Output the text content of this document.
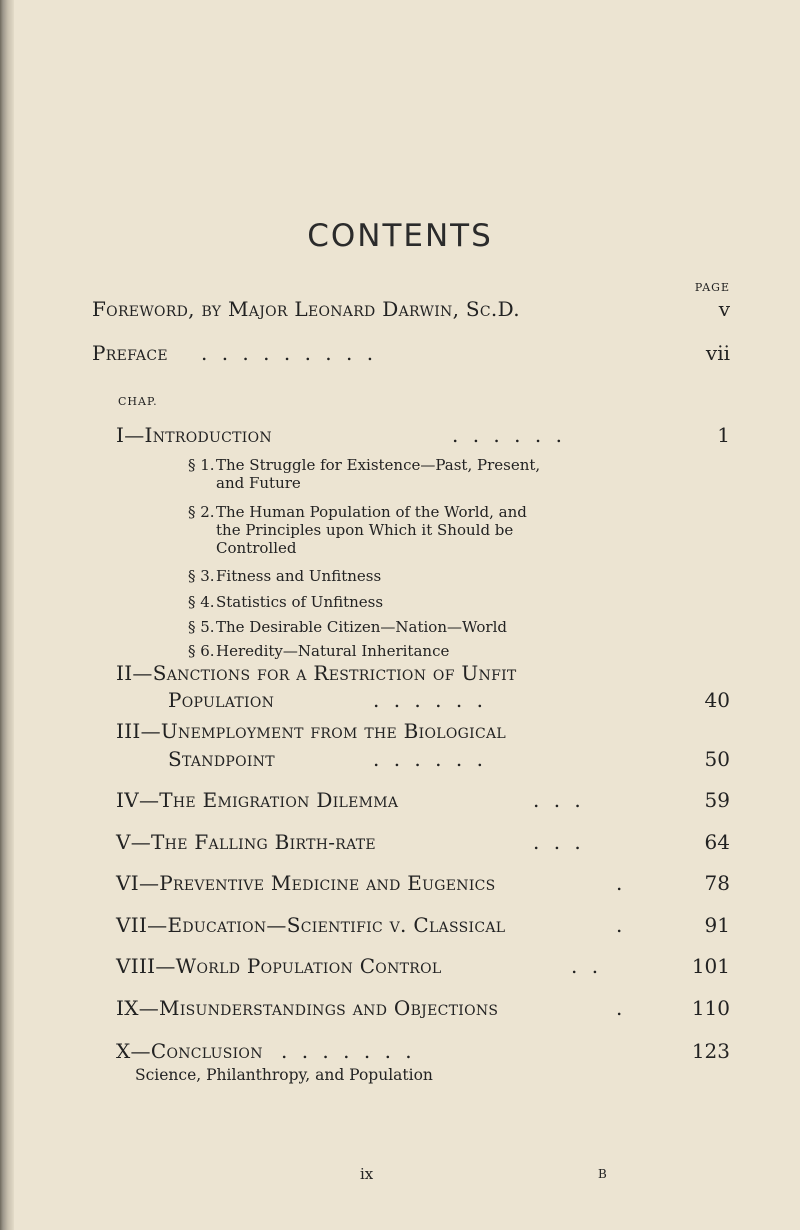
CONTENTS
PAGE
Foreword, by Major Leonard Darwin, Sc.D.	v
Preface . . . . . . . . .	vii
CHAP.
I—Introduction	. . . . . .	1
§ 1.The Struggle for Existence—Past, Present,
and Future
§ 2.The Human Population of the World, and
the Principles upon Which it Should be
Controlled
§ 3.Fitness and Unfitness
§ 4.Statistics of Unfitness
§ 5.The Desirable Citizen—Nation—World
§ 6.Heredity—Natural Inheritance
II—Sanctions for a Restriction of Unfit
Population	. . . . . .	40
III—Unemployment from the Biological
Standpoint	. . . . . .	50
IV—The Emigration Dilemma	. . .	59
V—The Falling Birth-rate	. . .	64
VI—Preventive Medicine and Eugenics	.	78
VII—Education—Scientific v. Classical	.	91
VIII—World Population Control	. .	101
IX—Misunderstandings and Objections	.	110
X—Conclusion . . . . . . .	123
Science, Philanthropy, and Population
ix	B
